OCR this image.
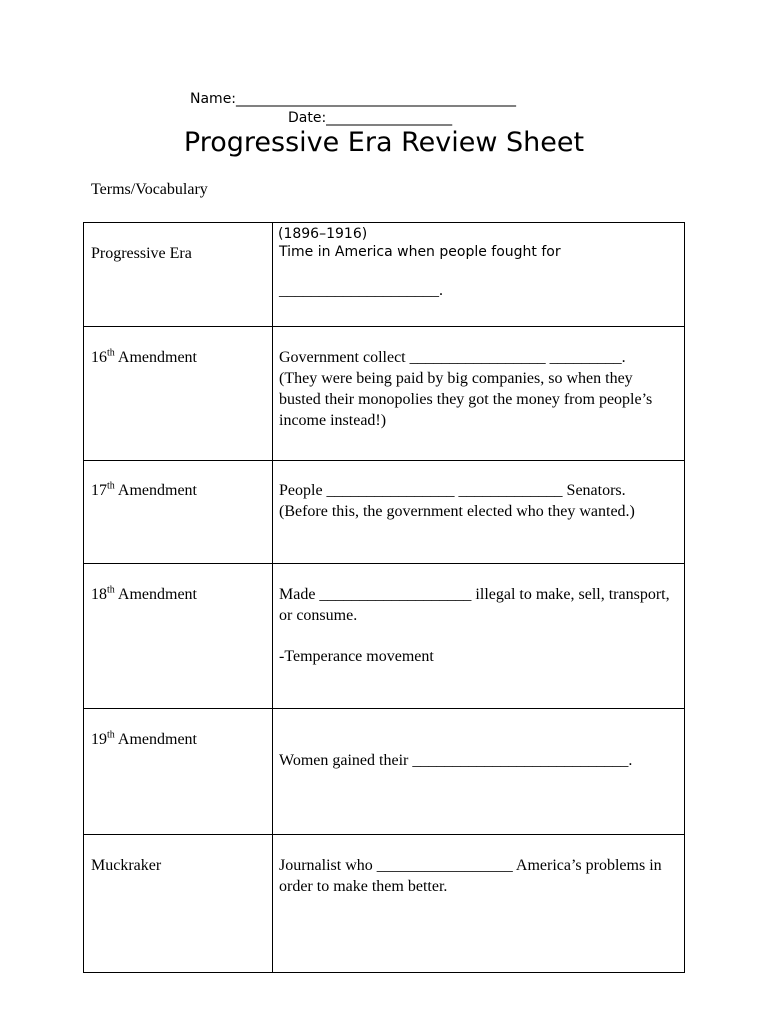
Name:________________________________________

Date:__________________

Progressive Era Review Sheet

Terms/Vocabulary

Progressive Era	(1896–1916)

Time in America when people fought for

____________________.

16th Amendment	Government collect _________________ _________.

(They were being paid by big companies, so when they busted their monopolies they got the money from people’s income instead!)

17th Amendment	People ________________ _____________ Senators.

(Before this, the government elected who they wanted.)

18th Amendment	Made ___________________ illegal to make, sell, transport, or consume.

-Temperance movement

19th Amendment	Women gained their ___________________________.

Muckraker	Journalist who _________________ America’s problems in order to make them better.
